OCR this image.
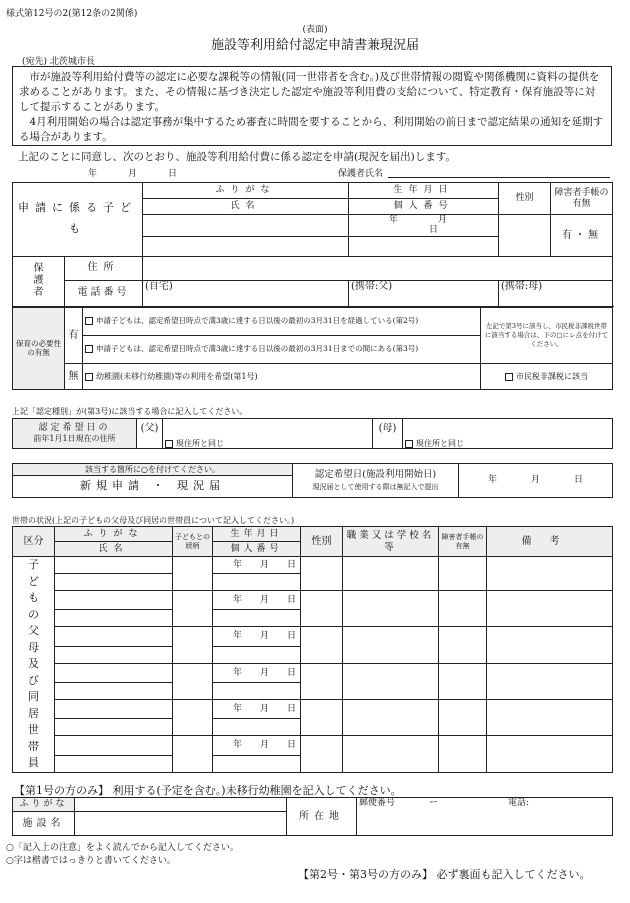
様式第12号の2(第12条の2関係)
(表面)
施設等利用給付認定申請書兼現況届
(宛先) 北茨城市長
市が施設等利用給付費等の認定に必要な課税等の情報(同一世帯者を含む。)及び世帯情報の閲覧や関係機関に資料の提供を求めることがあります。また、その情報に基づき決定した認定や施設等利用費の支給について、特定教育・保育施設等に対して提示することがあります。
4月利用開始の場合は認定事務が集中するため審査に時間を要することから、利用開始の前日まで認定結果の通知を延期する場合があります。
上記のことに同意し、次のとおり、施設等利用給付費に係る認定を申請(現況を届出)します。
年	月	日	保護者氏名
申請に係る子ども		ふりがな	生年月日	性別	障害者手帳の有無
		氏名	個人番号		
			年 月日		有・無

保護者	住所				
	電話番号	(自宅)	(携帯:父)	(携帯:母)	
保育の必要性の有無	有	申請子どもは、認定希望日時点で満3歳に達する日以後の最初の3月31日を経過している(第2号)	左記で第3号に該当し、市民税非課税世帯に該当する場合は、下の□にレ点を付けてください。
		申請子どもは、認定希望日時点で満3歳に達する日以後の最初の3月31日までの間にある(第3号)	
	無	幼稚園(未移行幼稚園)等の利用を希望(第1号)	市民税非課税に該当
上記「認定種別」が(第3号)に該当する場合に記入してください。
認定希望日の
前年1月1日現在の住所	(父)	現住所と同じ	(母)	現住所と同じ
該当する箇所に○を付けてください。	認定希望日(施設利用開始日)
現況届として使用する際は無記入で提出	年	月	日
新規申請 ・ 現況届
世帯の状況(上記の子どもの父母及び同居の世帯員について記入してください。)
区分	ふりがな	子どもとの続柄	生年月日	性別	職業又は学校名等	障害者手帳の有無	備考
	氏名		個人番号				
子どもの父母及び同居世帯員			年 月 日				

			年 月 日				

			年 月 日				

			年 月 日				

			年 月 日				

			年 月 日				

【第1号の方のみ】 利用する(予定を含む。)未移行幼稚園を記入してください。
ふりがな		所在地	郵便番号 ー 電話:
施設名			
○「記入上の注意」をよく読んでから記入してください。
○字は楷書ではっきりと書いてください。
【第2号・第3号の方のみ】 必ず裏面も記入してください。
